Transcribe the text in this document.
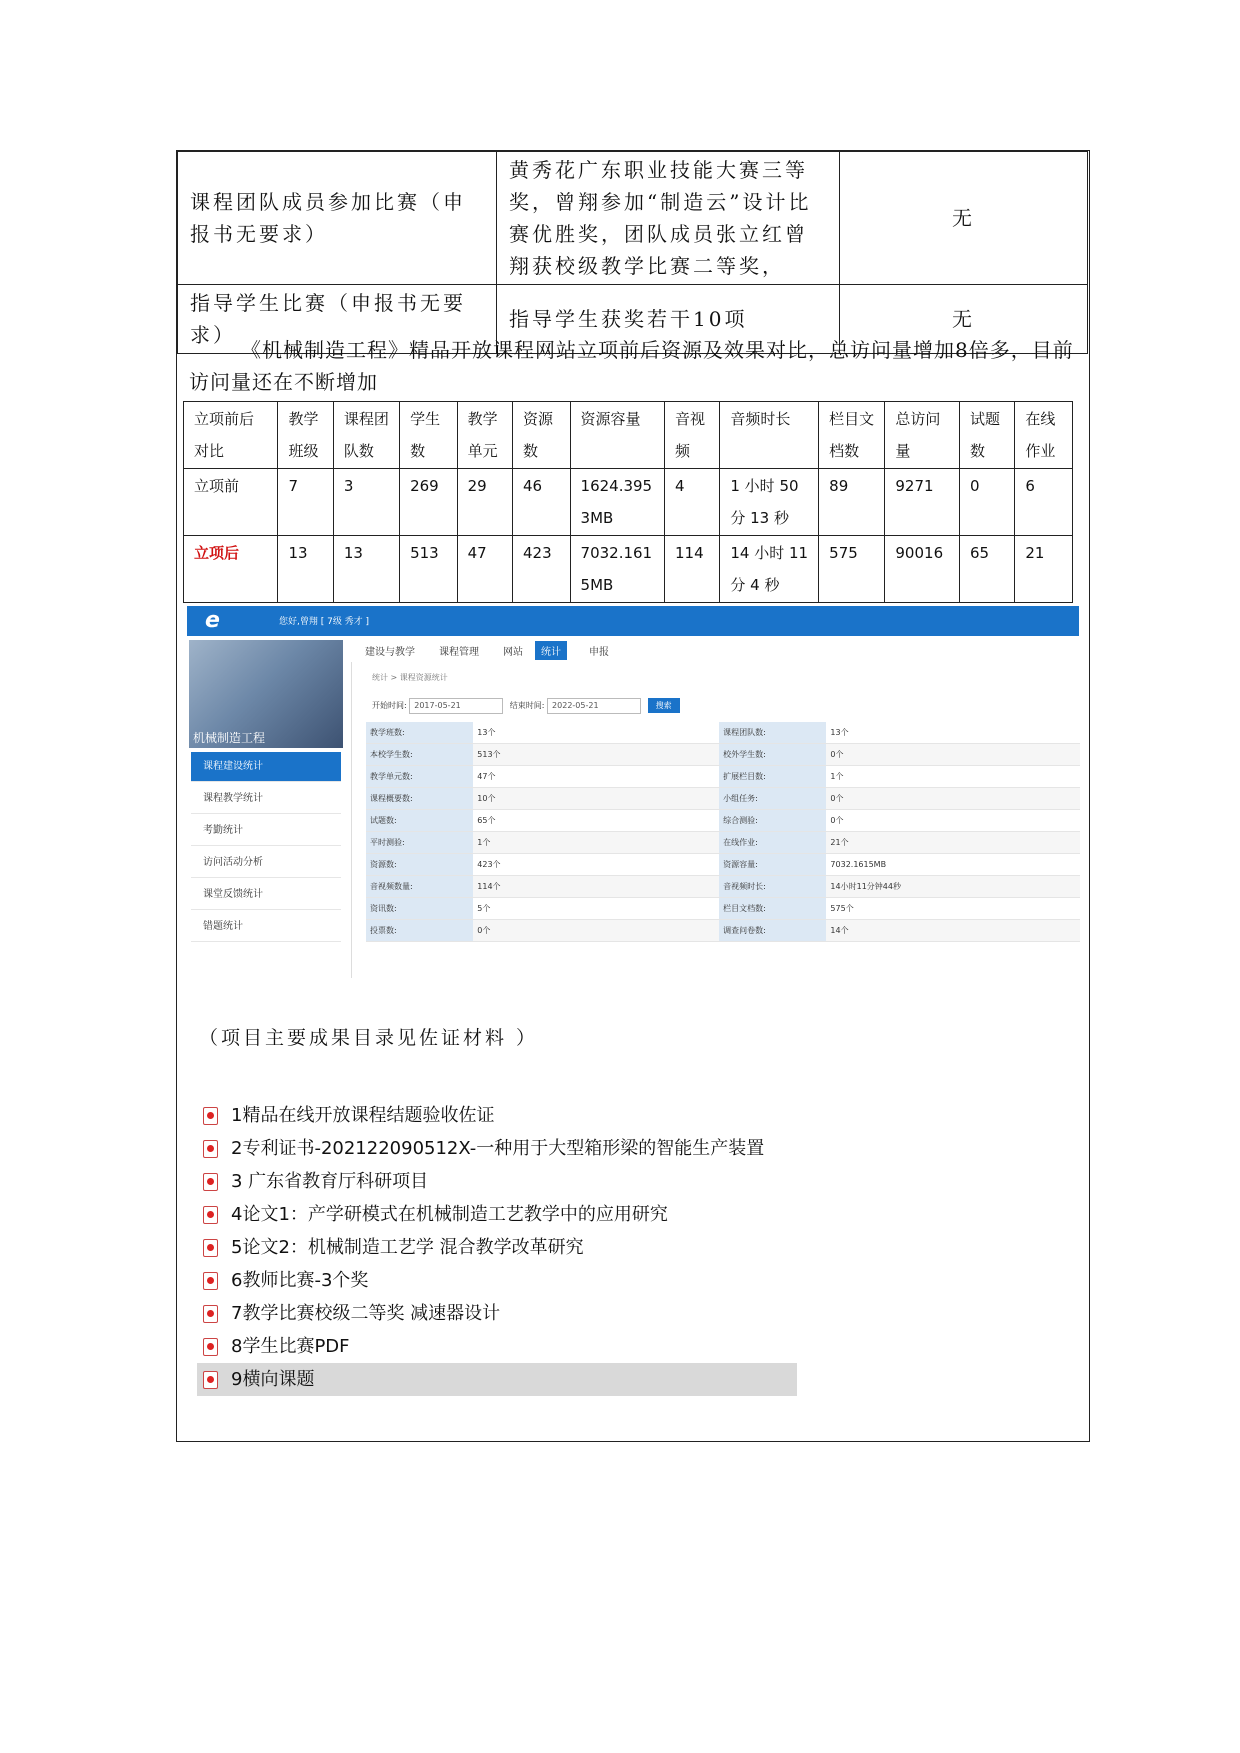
课程团队成员参加比赛（申报书无要求）	黄秀花广东职业技能大赛三等奖，曾翔参加“制造云”设计比赛优胜奖，团队成员张立红曾翔获校级教学比赛二等奖，	无
指导学生比赛（申报书无要求）	指导学生获奖若干10项	无
《机械制造工程》精品开放课程网站立项前后资源及效果对比，总访问量增加8倍多，目前访问量还在不断增加
立项前后对比	教学班级	课程团队数	学生数	教学单元	资源数	资源容量	音视频	音频时长	栏目文档数	总访问量	试题数	在线作业
立项前	7	3	269	29	46	1624.3953MB	4	1 小时 50 分 13 秒	89	9271	0	6
立项后	13	13	513	47	423	7032.1615MB	114	14 小时 11 分 4 秒	575	90016	65	21
e	您好,曾翔 [ 7级 秀才 ]
机械制造工程
课程建设统计
课程教学统计
考勤统计
访问活动分析
课堂反馈统计
错题统计
建设与教学	课程管理	网站	统计	申报
统计 > 课程资源统计
开始时间: 2017-05-21	结束时间: 2022-05-21	搜索
教学班数:	13个	课程团队数:	13个
本校学生数:	513个	校外学生数:	0个
教学单元数:	47个	扩展栏目数:	1个
课程概要数:	10个	小组任务:	0个
试题数:	65个	综合测验:	0个
平时测验:	1个	在线作业:	21个
资源数:	423个	资源容量:	7032.1615MB
音视频数量:	114个	音视频时长:	14小时11分钟44秒
资讯数:	5个	栏目文档数:	575个
投票数:	0个	调查问卷数:	14个
（项目主要成果目录见佐证材料 ）
1精品在线开放课程结题验收佐证
2专利证书-202122090512X-一种用于大型箱形梁的智能生产装置
3 广东省教育厅科研项目
4论文1：产学研模式在机械制造工艺教学中的应用研究
5论文2：机械制造工艺学 混合教学改革研究
6教师比赛-3个奖
7教学比赛校级二等奖 减速器设计
8学生比赛PDF
9横向课题
